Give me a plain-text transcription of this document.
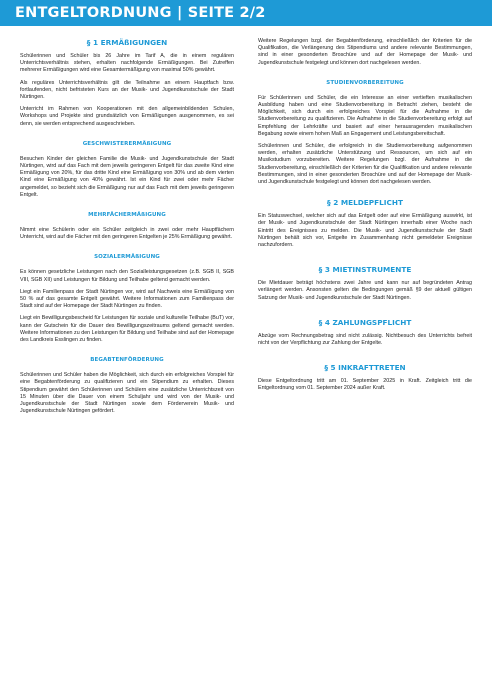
ENTGELTORDNUNG | SEITE 2/2
§ 1 ERMÄßIGUNGEN

Schülerinnen und Schüler bis 26 Jahre im Tarif A, die in einem regulären Unterrichtsverhältnis stehen, erhalten nachfolgende Ermäßigungen. Bei Zutreffen mehrerer Ermäßigungen wird eine Gesamtermäßigung von maximal 50% gewährt.

Als reguläres Unterrichtsverhältnis gilt die Teilnahme an einem Hauptfach bzw. fortlaufenden, nicht befristeten Kurs an der Musik- und Jugendkunstschule der Stadt Nürtingen.

Unterricht im Rahmen von Kooperationen mit den allgemeinbildenden Schulen, Workshops und Projekte sind grundsätzlich von Ermäßigungen ausgenommen, es sei denn, sie werden entsprechend ausgeschrieben.

GESCHWISTERERMÄßIGUNG

Besuchen Kinder der gleichen Familie die Musik- und Jugendkunstschule der Stadt Nürtingen, wird auf das Fach mit dem jeweils geringeren Entgelt für das zweite Kind eine Ermäßigung von 20%, für das dritte Kind eine Ermäßigung von 30% und ab dem vierten Kind eine Ermäßigung von 40% gewährt. Ist ein Kind für zwei oder mehr Fächer angemeldet, so bezieht sich die Ermäßigung nur auf das Fach mit dem jeweils geringeren Entgelt.

MEHRFÄCHERMÄßIGUNG

Nimmt eine Schülerin oder ein Schüler zeitgleich in zwei oder mehr Hauptfächern Unterricht, wird auf die Fächer mit den geringeren Entgelten je 25% Ermäßigung gewährt.

SOZIALERMÄßIGUNG

Es können gesetzliche Leistungen nach den Sozialleistungsgesetzen (z.B. SGB II, SGB VIII, SGB XII) und Leistungen für Bildung und Teilhabe geltend gemacht werden.

Liegt ein Familienpass der Stadt Nürtingen vor, wird auf Nachweis eine Ermäßigung von 50 % auf das gesamte Entgelt gewährt. Weitere Informationen zum Familienpass der Stadt sind auf der Homepage der Stadt Nürtingen zu finden.

Liegt ein Bewilligungsbescheid für Leistungen für soziale und kulturelle Teilhabe (BuT) vor, kann der Gutschein für die Dauer des Bewilligungszeitraums geltend gemacht werden. Weitere Informationen zu den Leistungen für Bildung und Teilhabe sind auf der Homepage des Landkreis Esslingen zu finden.

BEGABTENFÖRDERUNG

Schülerinnen und Schüler haben die Möglichkeit, sich durch ein erfolgreiches Vorspiel für eine Begabtenförderung zu qualifizieren und ein Stipendium zu erhalten. Dieses Stipendium gewährt den Schülerinnen und Schülern eine zusätzliche Unterrichtszeit von 15 Minuten über die Dauer von einem Schuljahr und wird von der Musik- und Jugendkunstschule der Stadt Nürtingen sowie dem Förderverein Musik- und Jugendkunstschule Nürtingen gefördert.

Weitere Regelungen bzgl. der Begabtenförderung, einschließlich der Kriterien für die Qualifikation, die Verlängerung des Stipendiums und andere relevante Bestimmungen, sind in einer gesonderten Broschüre und auf der Homepage der Musik- und Jugendkunstschule festgelegt und können dort nachgelesen werden.

STUDIENVORBEREITUNG

Für Schülerinnen und Schüler, die ein Interesse an einer vertieften musikalischen Ausbildung haben und eine Studienvorbereitung in Betracht ziehen, besteht die Möglichkeit, sich durch ein erfolgreiches Vorspiel für die Aufnahme in die Studienvorbereitung zu qualifizieren. Die Aufnahme in die Studienvorbereitung erfolgt auf Empfehlung der Lehrkräfte und basiert auf einer herausragenden musikalischen Begabung sowie einem hohen Maß an Engagement und Leistungsbereitschaft.

Schülerinnen und Schüler, die erfolgreich in die Studienvorbereitung aufgenommen werden, erhalten zusätzliche Unterstützung und Ressourcen, um sich auf ein Musikstudium vorzubereiten. Weitere Regelungen bzgl. der Aufnahme in die Studienvorbereitung, einschließlich der Kriterien für die Qualifikation und andere relevante Bestimmungen, sind in einer gesonderten Broschüre und auf der Homepage der Musik- und Jugendkunstschule festgelegt und können dort nachgelesen werden.

§ 2 MELDEPFLICHT

Ein Statuswechsel, welcher sich auf das Entgelt oder auf eine Ermäßigung auswirkt, ist der Musik- und Jugendkunstschule der Stadt Nürtingen innerhalb einer Woche nach Eintritt des Ereignisses zu melden. Die Musik- und Jugendkunstschule der Stadt Nürtingen behält sich vor, Entgelte im Zusammenhang nicht gemeldeter Ereignisse nachzufordern.

§ 3 MIETINSTRUMENTE

Die Mietdauer beträgt höchstens zwei Jahre und kann nur auf begründeten Antrag verlängert werden. Ansonsten gelten die Bedingungen gemäß §9 der aktuell gültigen Satzung der Musik- und Jugendkunstschule der Stadt Nürtingen.

§ 4 ZAHLUNGSPFLICHT

Abzüge vom Rechnungsbetrag sind nicht zulässig. Nichtbesuch des Unterrichts befreit nicht von der Verpflichtung zur Zahlung der Entgelte.

§ 5 INKRAFTTRETEN

Diese Entgeltordnung tritt am 01. September 2025 in Kraft. Zeitgleich tritt die Entgeltordnung vom 01. September 2024 außer Kraft.
